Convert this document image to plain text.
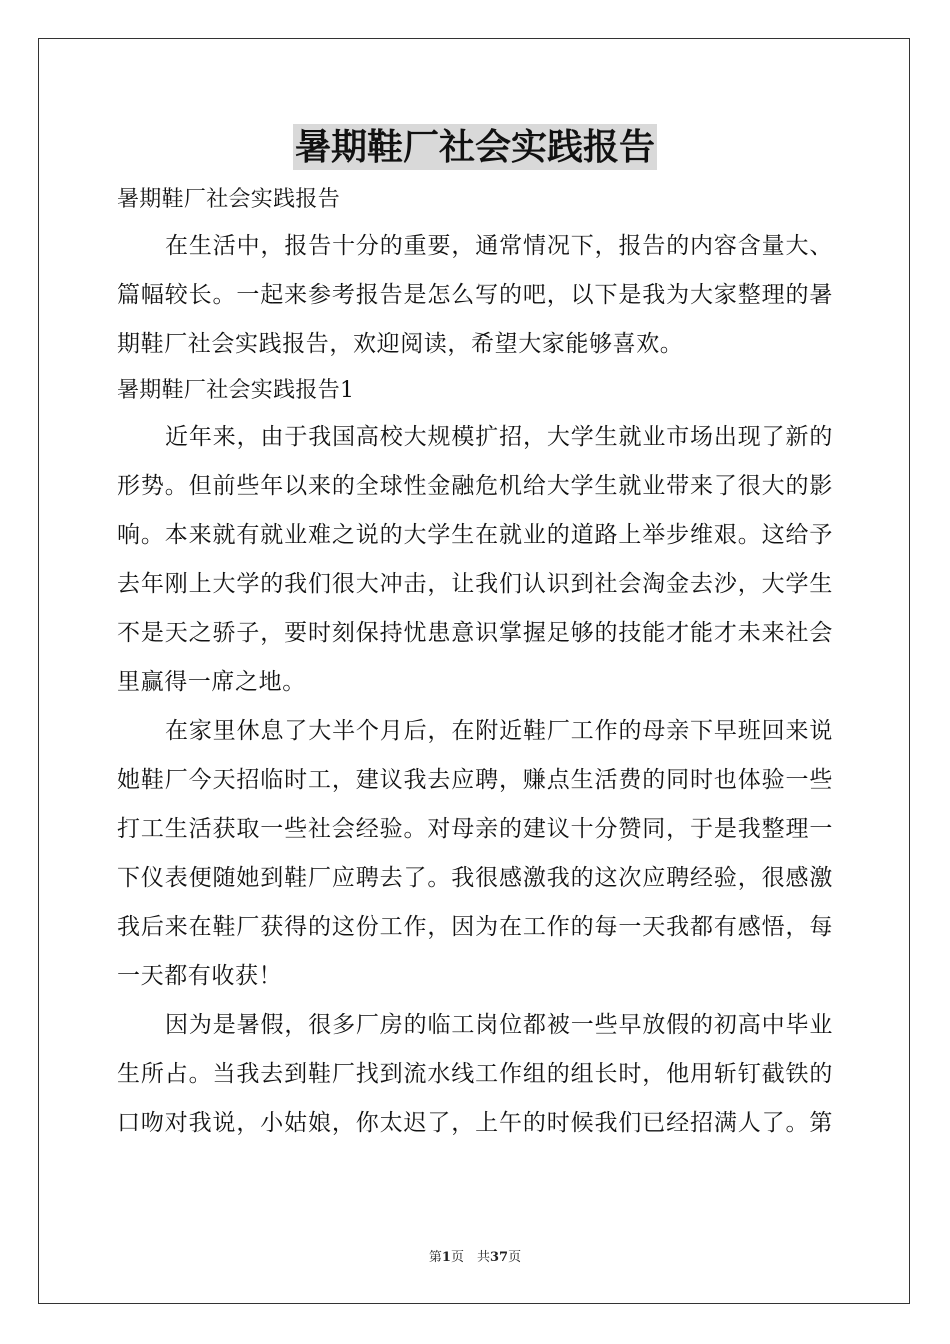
暑期鞋厂社会实践报告
暑期鞋厂社会实践报告
在生活中，报告十分的重要，通常情况下，报告的内容含量大、
篇幅较长。一起来参考报告是怎么写的吧，以下是我为大家整理的暑
期鞋厂社会实践报告，欢迎阅读，希望大家能够喜欢。
暑期鞋厂社会实践报告1
近年来，由于我国高校大规模扩招，大学生就业市场出现了新的
形势。但前些年以来的全球性金融危机给大学生就业带来了很大的影
响。本来就有就业难之说的大学生在就业的道路上举步维艰。这给予
去年刚上大学的我们很大冲击，让我们认识到社会淘金去沙，大学生
不是天之骄子，要时刻保持忧患意识掌握足够的技能才能才未来社会
里赢得一席之地。
在家里休息了大半个月后，在附近鞋厂工作的母亲下早班回来说
她鞋厂今天招临时工，建议我去应聘，赚点生活费的同时也体验一些
打工生活获取一些社会经验。对母亲的建议十分赞同，于是我整理一
下仪表便随她到鞋厂应聘去了。我很感激我的这次应聘经验，很感激
我后来在鞋厂获得的这份工作，因为在工作的每一天我都有感悟，每
一天都有收获！
因为是暑假，很多厂房的临工岗位都被一些早放假的初高中毕业
生所占。当我去到鞋厂找到流水线工作组的组长时，他用斩钉截铁的
口吻对我说，小姑娘，你太迟了，上午的时候我们已经招满人了。第
第1页　共37页
